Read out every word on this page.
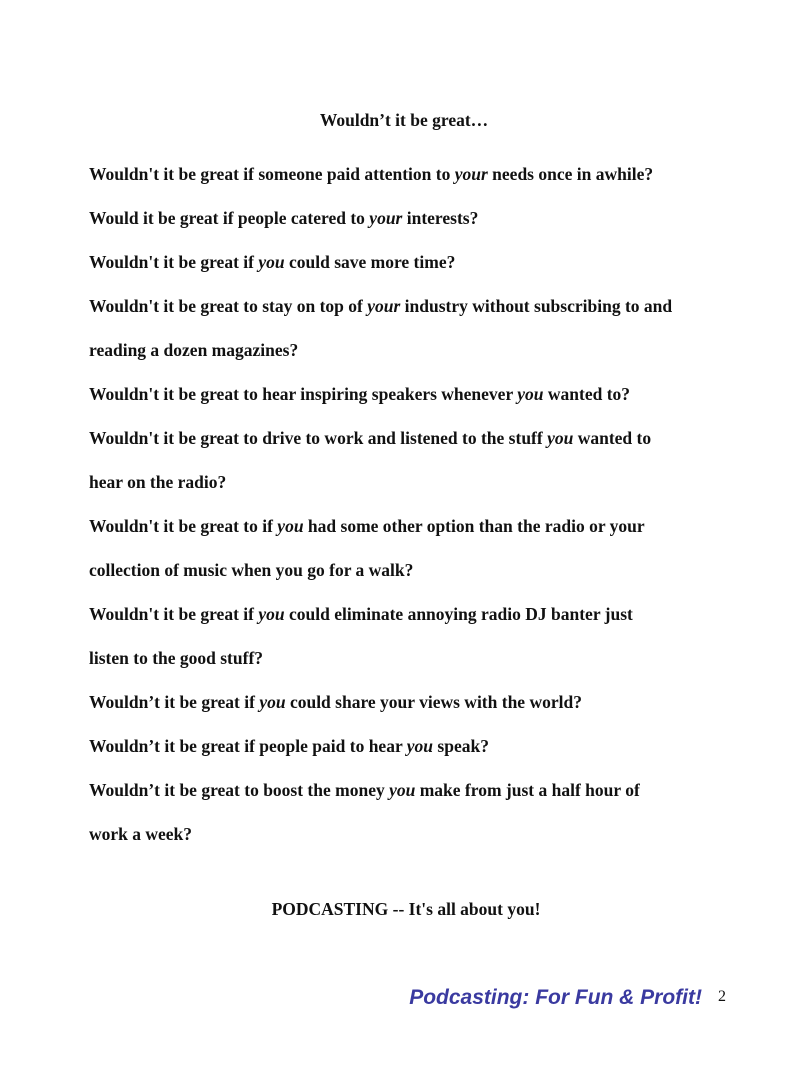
Wouldn’t it be great…
Wouldn't it be great if someone paid attention to your needs once in awhile?
Would it be great if people catered to your interests?
Wouldn't it be great if you could save more time?
Wouldn't it be great to stay on top of your industry without subscribing to and
reading a dozen magazines?
Wouldn't it be great to hear inspiring speakers whenever you wanted to?
Wouldn't it be great to drive to work and listened to the stuff you wanted to
hear on the radio?
Wouldn't it be great to if you had some other option than the radio or your
collection of music when you go for a walk?
Wouldn't it be great if you could eliminate annoying radio DJ banter just
listen to the good stuff?
Wouldn’t it be great if you could share your views with the world?
Wouldn’t it be great if people paid to hear you speak?
Wouldn’t it be great to boost the money you make from just a half hour of
work a week?
PODCASTING -- It's all about you!
Podcasting: For Fun & Profit! 2
